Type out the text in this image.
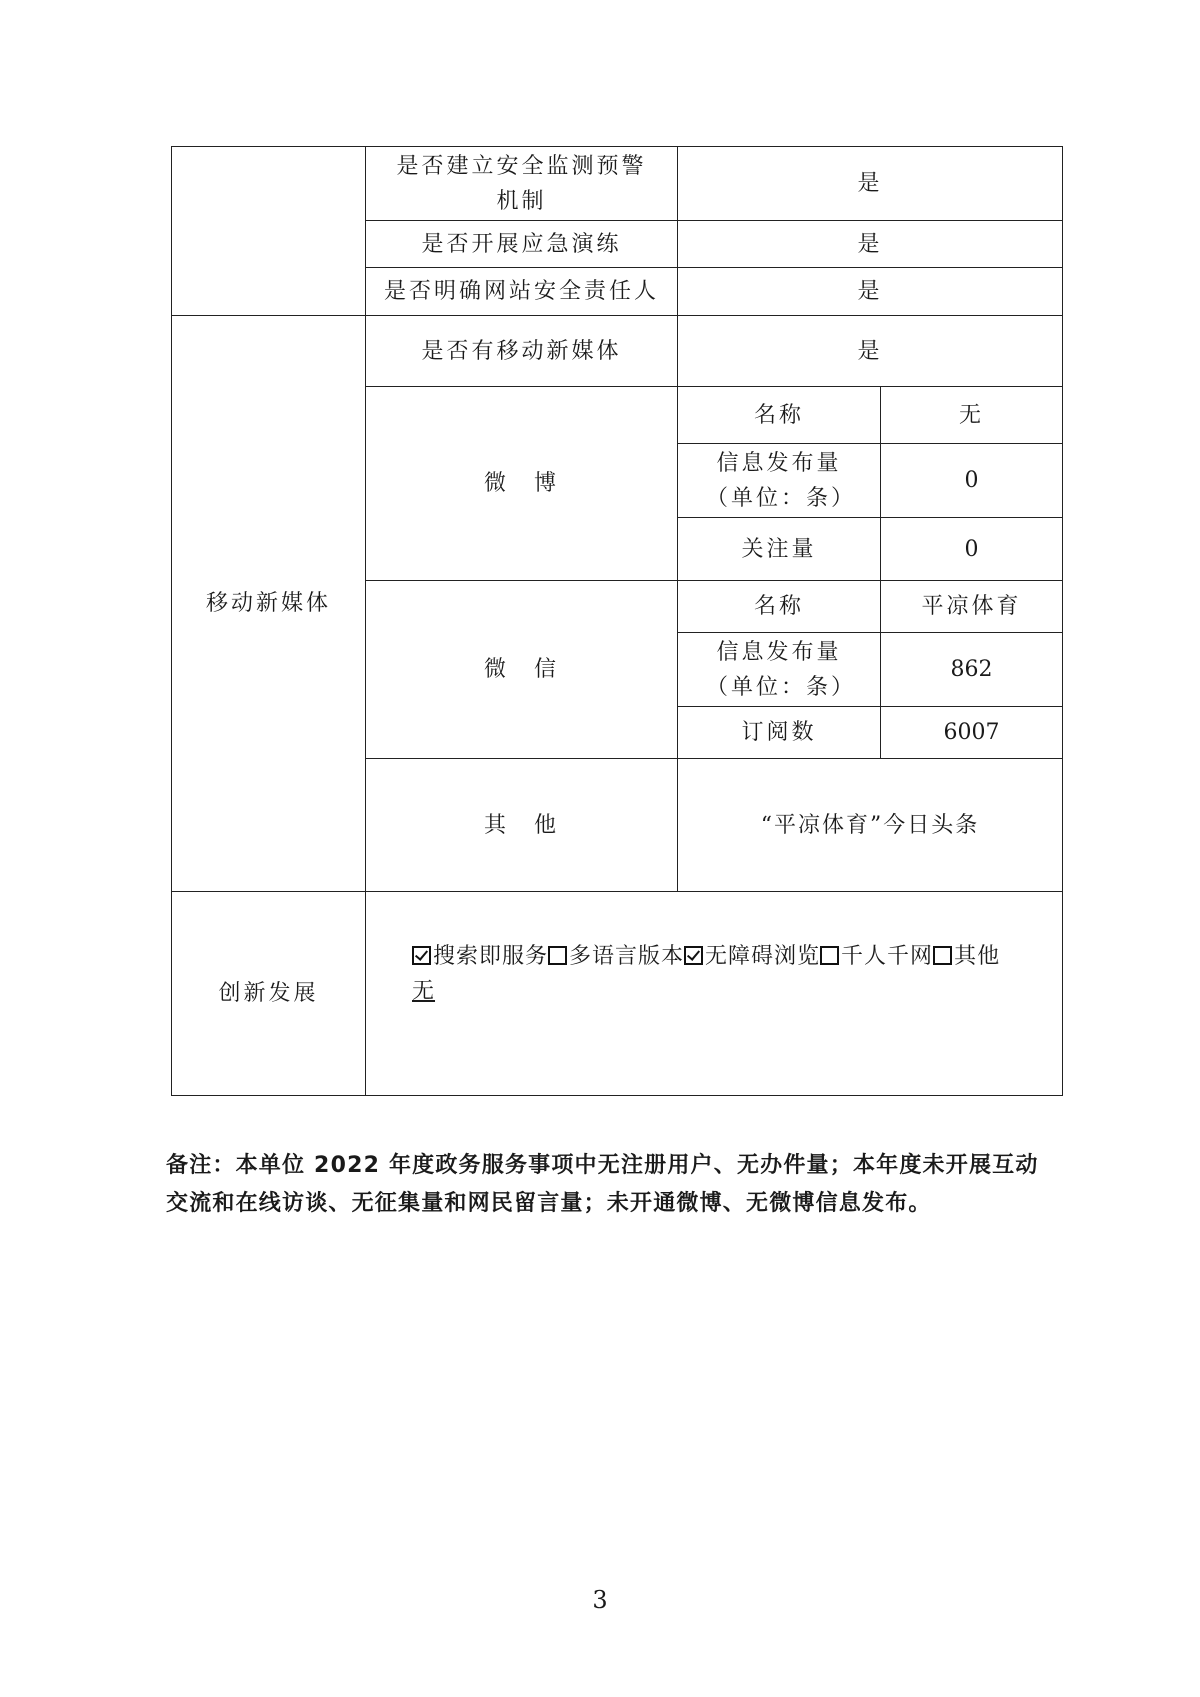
	是否建立安全监测预警机制	是	
	是否开展应急演练	是	
	是否明确网站安全责任人	是	
移动新媒体	是否有移动新媒体	是	
	微　博	名称	无
		信息发布量（单位：条）	0
		关注量	0
	微　信	名称	平凉体育
		信息发布量（单位：条）	862
		订阅数	6007
	其　他	“平凉体育”今日头条	
创新发展	搜索即服务 多语言版本 无障碍浏览 千人千网 其他
无		

备注：本单位 2022 年度政务服务事项中无注册用户、无办件量；本年度未开展互动交流和在线访谈、无征集量和网民留言量；未开通微博、无微博信息发布。

3
